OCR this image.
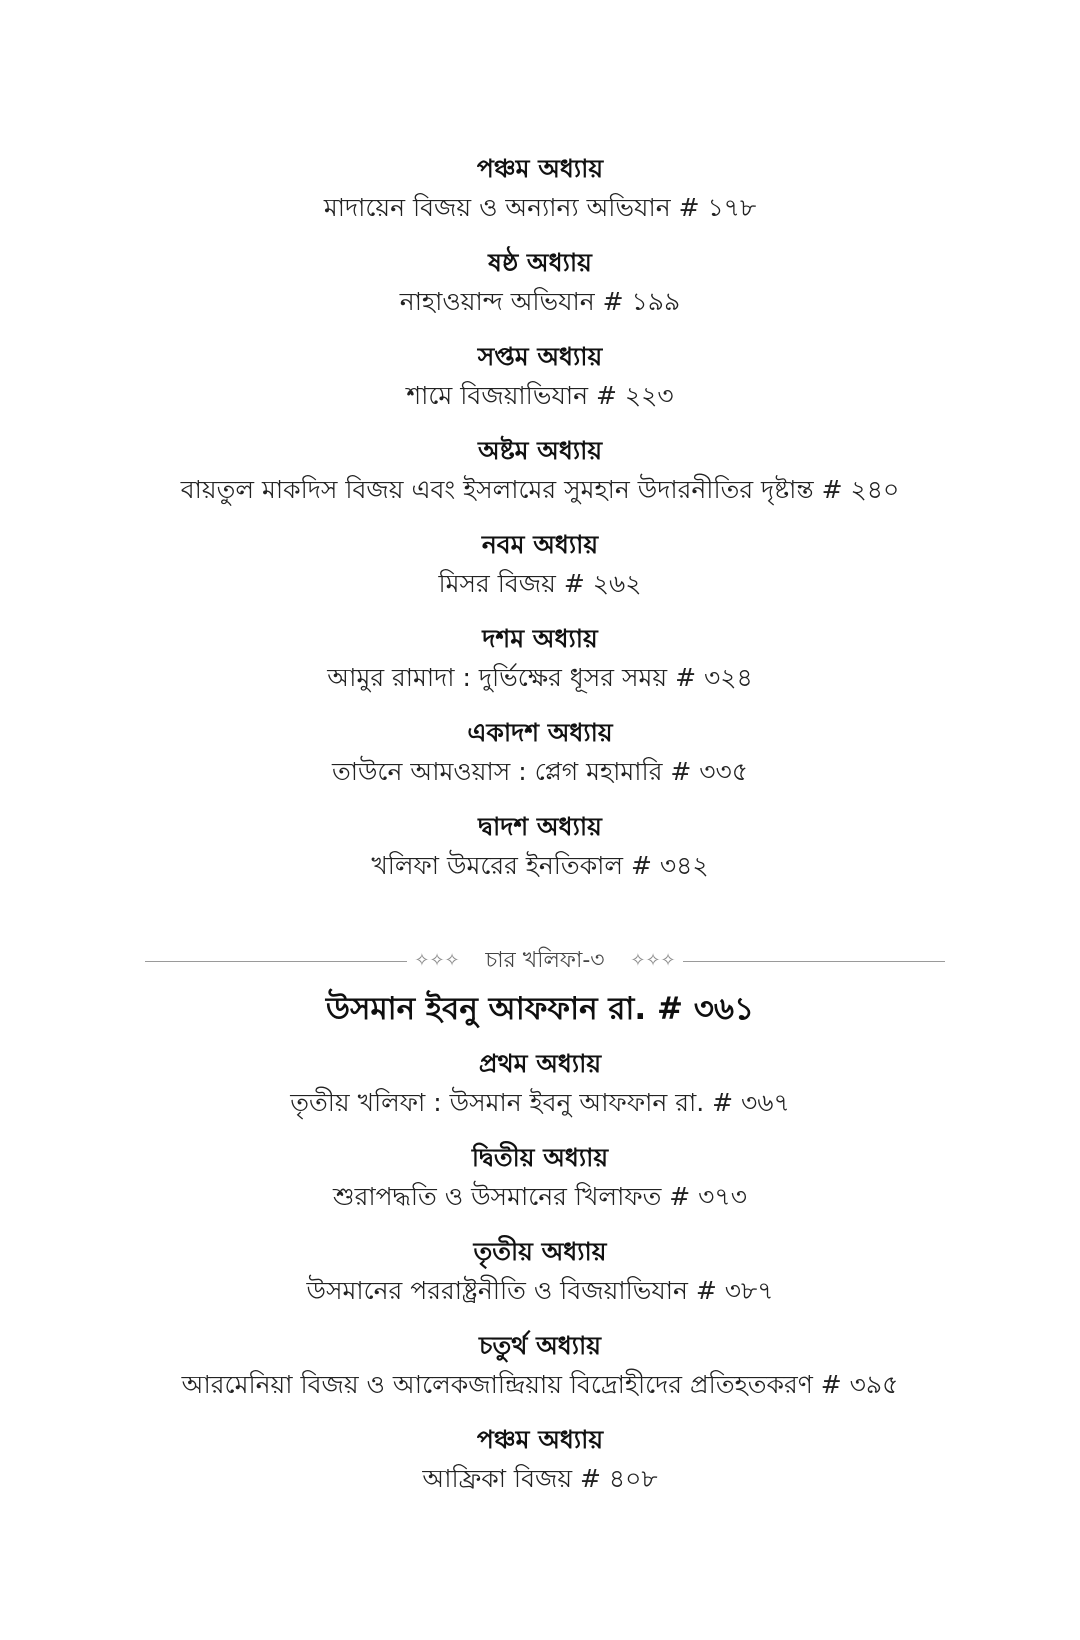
পঞ্চম অধ্যায়
মাদায়েন বিজয় ও অন্যান্য অভিযান # ১৭৮
ষষ্ঠ অধ্যায়
নাহাওয়ান্দ অভিযান # ১৯৯
সপ্তম অধ্যায়
শামে বিজয়াভিযান # ২২৩
অষ্টম অধ্যায়
বায়তুল মাকদিস বিজয় এবং ইসলামের সুমহান উদারনীতির দৃষ্টান্ত # ২৪০
নবম অধ্যায়
মিসর বিজয় # ২৬২
দশম অধ্যায়
আমুর রামাদা : দুর্ভিক্ষের ধূসর সময় # ৩২৪
একাদশ অধ্যায়
তাউনে আমওয়াস : প্লেগ মহামারি # ৩৩৫
দ্বাদশ অধ্যায়
খলিফা উমরের ইনতিকাল # ৩৪২
✧✧✧	চার খলিফা-৩	✧✧✧
উসমান ইবনু আফফান রা. # ৩৬১
প্রথম অধ্যায়
তৃতীয় খলিফা : উসমান ইবনু আফফান রা. # ৩৬৭
দ্বিতীয় অধ্যায়
শুরাপদ্ধতি ও উসমানের খিলাফত # ৩৭৩
তৃতীয় অধ্যায়
উসমানের পররাষ্ট্রনীতি ও বিজয়াভিযান # ৩৮৭
চতুর্থ অধ্যায়
আরমেনিয়া বিজয় ও আলেকজান্দ্রিয়ায় বিদ্রোহীদের প্রতিহতকরণ # ৩৯৫
পঞ্চম অধ্যায়
আফ্রিকা বিজয় # ৪০৮
